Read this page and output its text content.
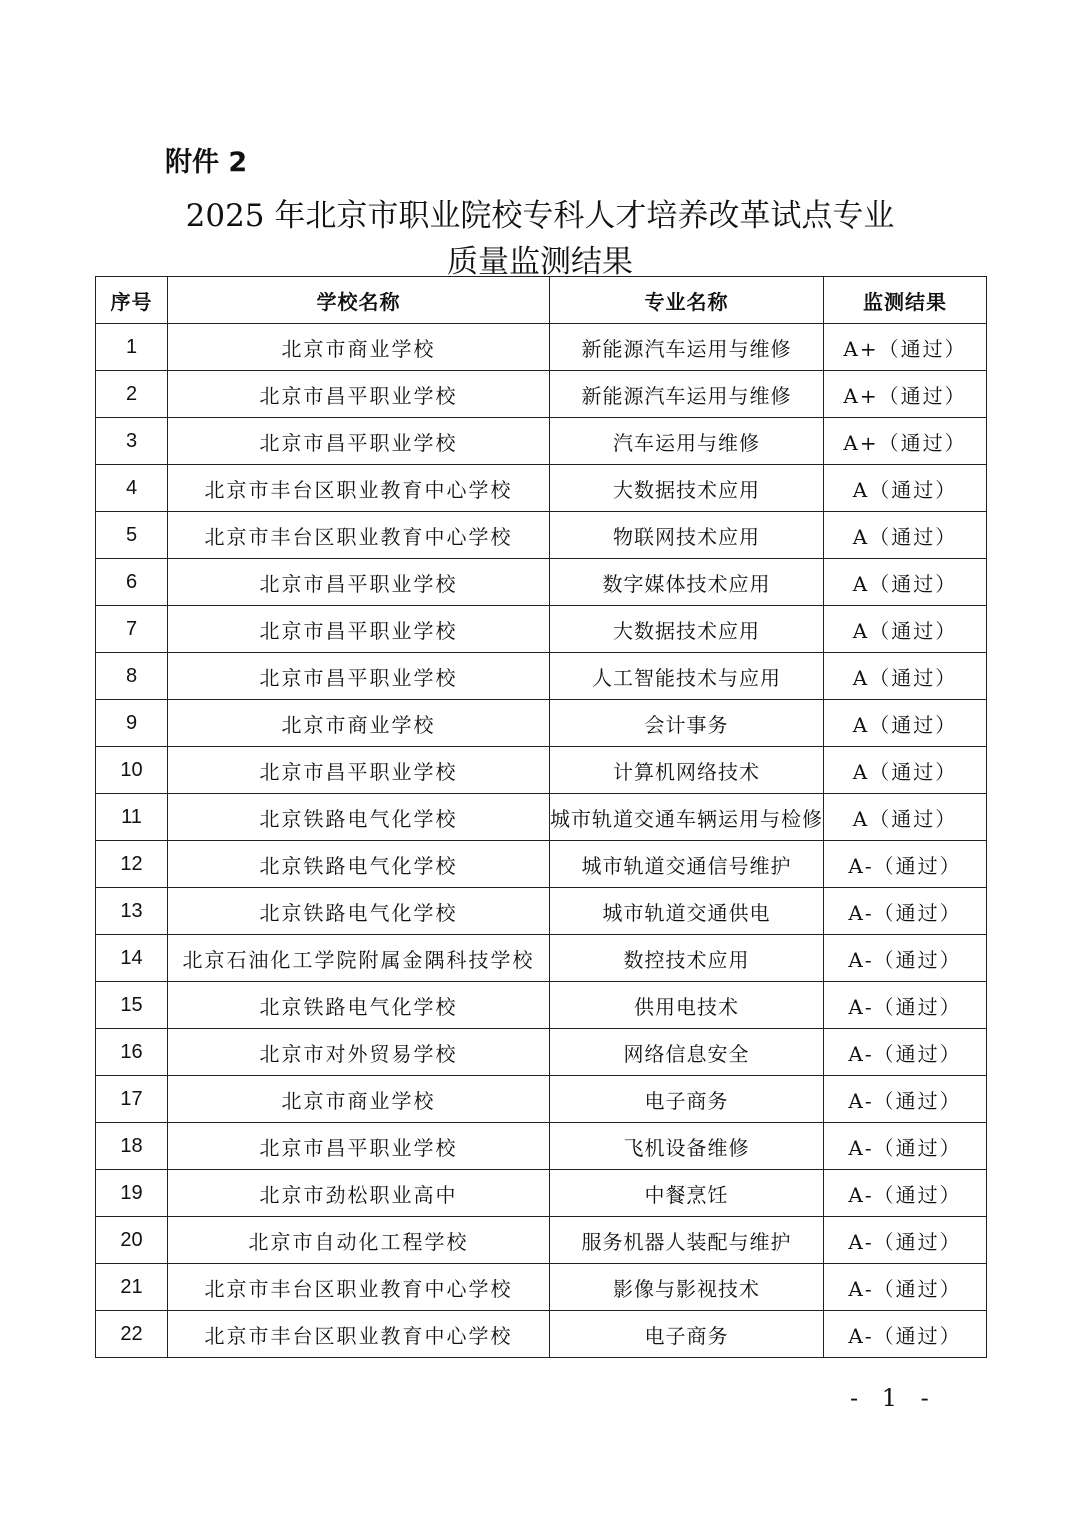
附件 2
2025 年北京市职业院校专科人才培养改革试点专业
质量监测结果
序号	学校名称	专业名称	监测结果
1	北京市商业学校	新能源汽车运用与维修	A+（通过）
2	北京市昌平职业学校	新能源汽车运用与维修	A+（通过）
3	北京市昌平职业学校	汽车运用与维修	A+（通过）
4	北京市丰台区职业教育中心学校	大数据技术应用	A（通过）
5	北京市丰台区职业教育中心学校	物联网技术应用	A（通过）
6	北京市昌平职业学校	数字媒体技术应用	A（通过）
7	北京市昌平职业学校	大数据技术应用	A（通过）
8	北京市昌平职业学校	人工智能技术与应用	A（通过）
9	北京市商业学校	会计事务	A（通过）
10	北京市昌平职业学校	计算机网络技术	A（通过）
11	北京铁路电气化学校	城市轨道交通车辆运用与检修	A（通过）
12	北京铁路电气化学校	城市轨道交通信号维护	A-（通过）
13	北京铁路电气化学校	城市轨道交通供电	A-（通过）
14	北京石油化工学院附属金隅科技学校	数控技术应用	A-（通过）
15	北京铁路电气化学校	供用电技术	A-（通过）
16	北京市对外贸易学校	网络信息安全	A-（通过）
17	北京市商业学校	电子商务	A-（通过）
18	北京市昌平职业学校	飞机设备维修	A-（通过）
19	北京市劲松职业高中	中餐烹饪	A-（通过）
20	北京市自动化工程学校	服务机器人装配与维护	A-（通过）
21	北京市丰台区职业教育中心学校	影像与影视技术	A-（通过）
22	北京市丰台区职业教育中心学校	电子商务	A-（通过）
- 1 -
